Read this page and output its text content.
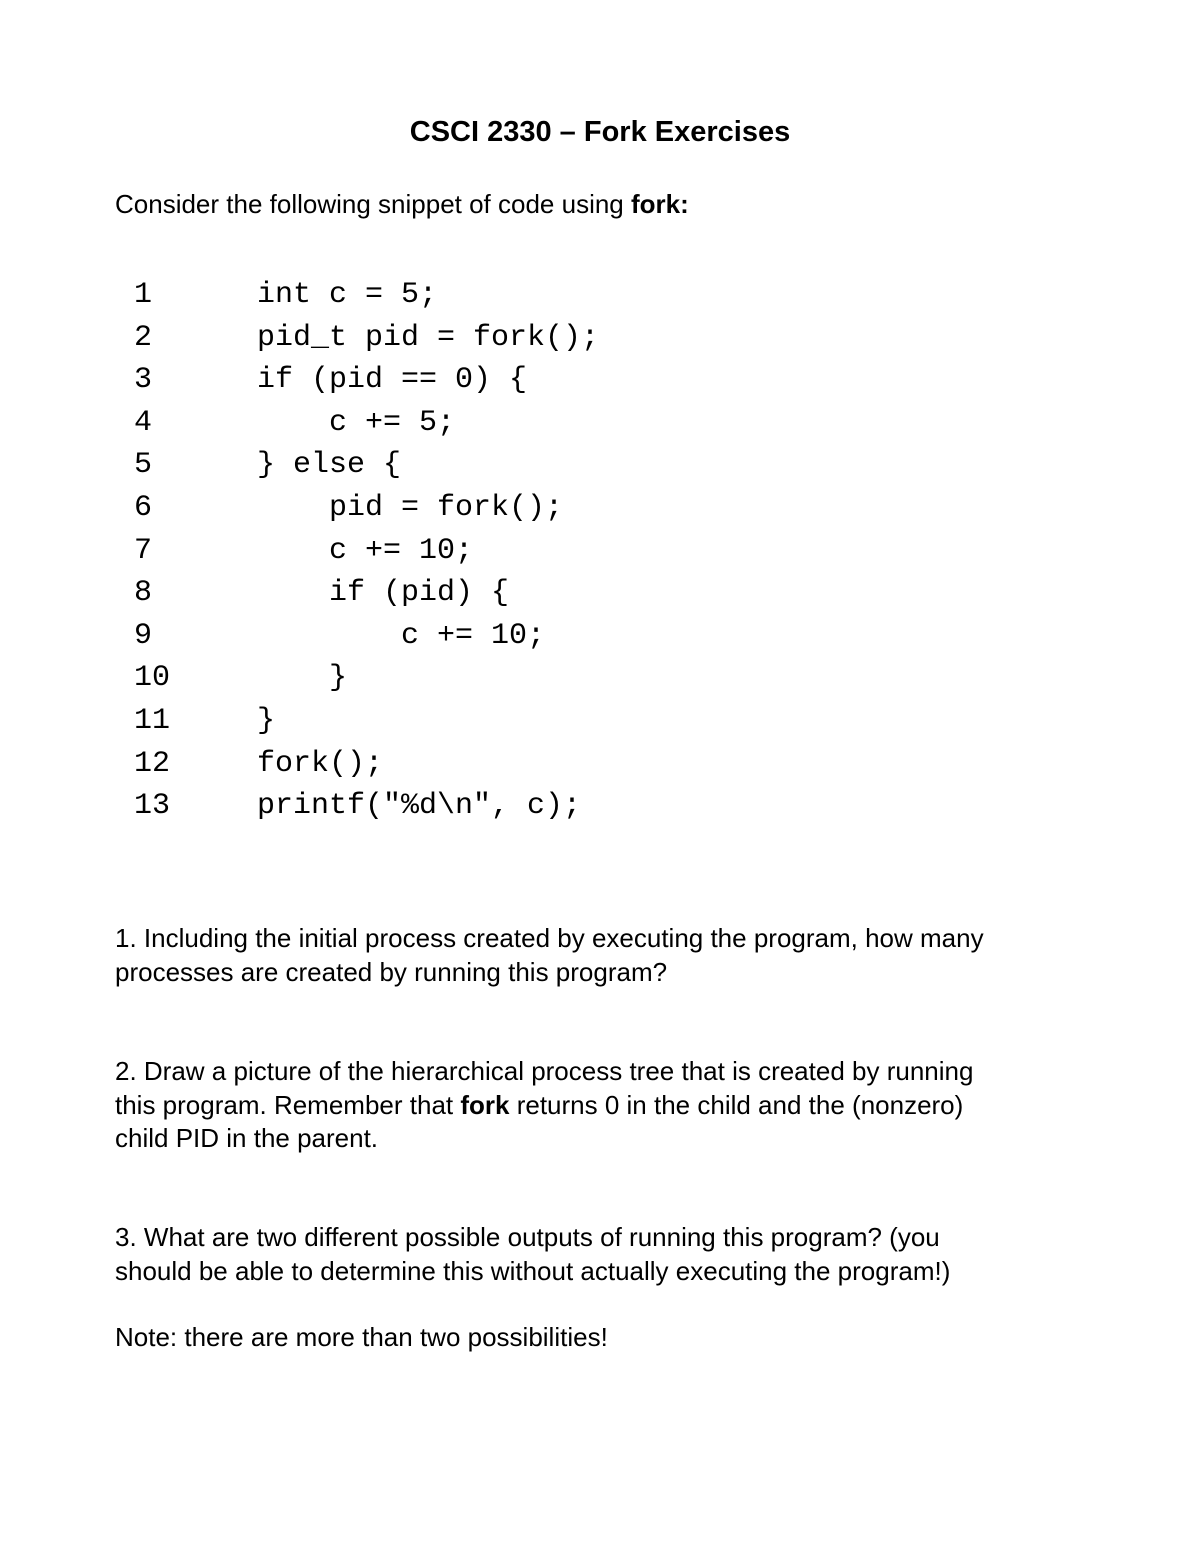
CSCI 2330 – Fork Exercises
Consider the following snippet of code using fork:
1	int c = 5;
2	pid_t pid = fork();
3	if (pid == 0) {
4	c += 5;
5	} else {
6	pid = fork();
7	c += 10;
8	if (pid) {
9	c += 10;
10	}
11	}
12	fork();
13	printf("%d\n", c);
1. Including the initial process created by executing the program, how many processes are created by running this program?
2. Draw a picture of the hierarchical process tree that is created by running this program. Remember that fork returns 0 in the child and the (nonzero) child PID in the parent.
3. What are two different possible outputs of running this program? (you should be able to determine this without actually executing the program!)
Note: there are more than two possibilities!
